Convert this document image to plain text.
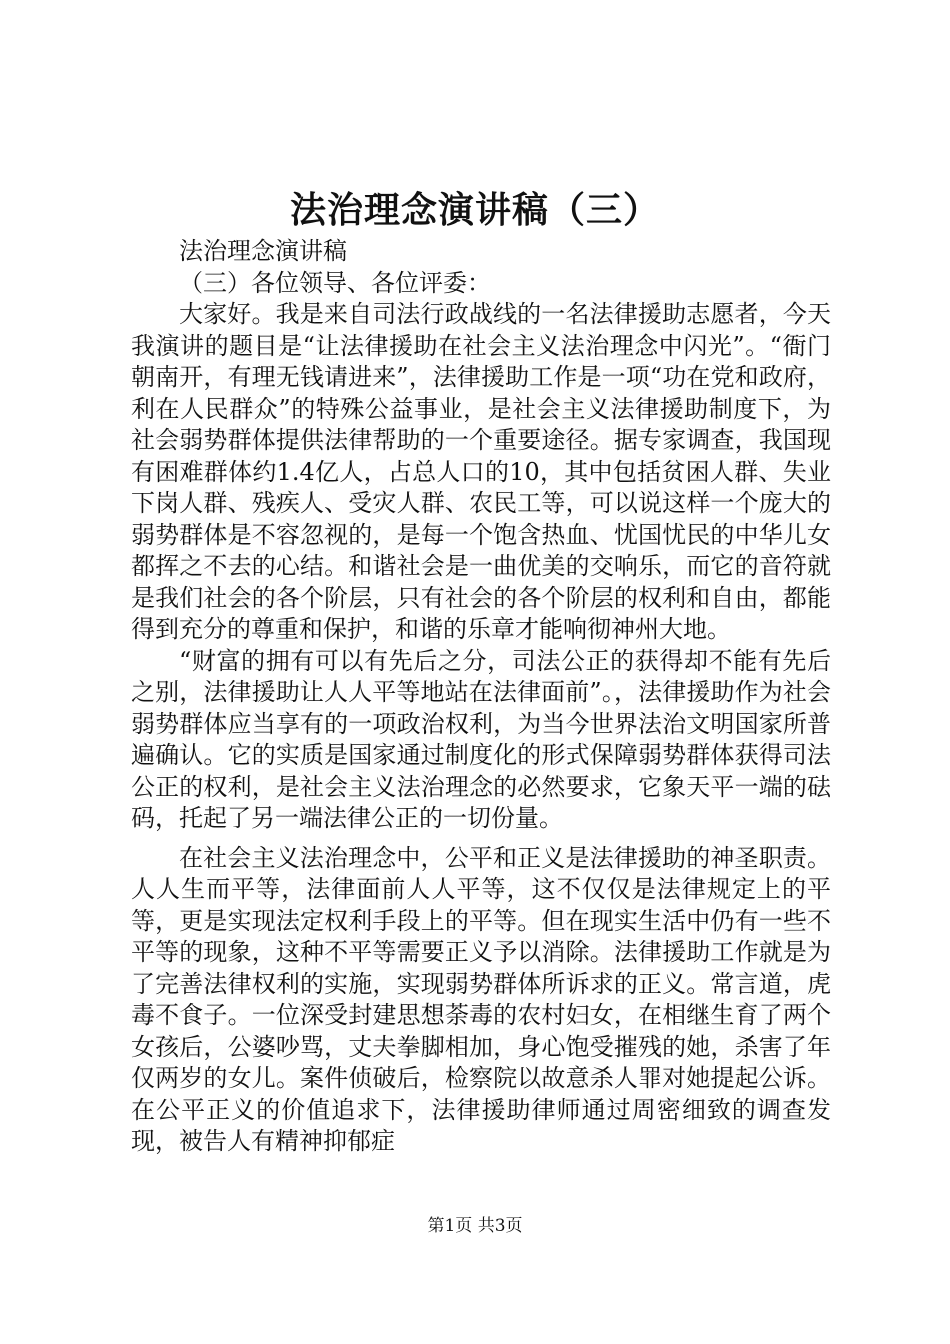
法治理念演讲稿（三）

法治理念演讲稿

（三）各位领导、各位评委：

大家好。我是来自司法行政战线的一名法律援助志愿者，今天我演讲的题目是“让法律援助在社会主义法治理念中闪光”。“衙门朝南开，有理无钱请进来”，法律援助工作是一项“功在党和政府，利在人民群众”的特殊公益事业，是社会主义法律援助制度下，为社会弱势群体提供法律帮助的一个重要途径。据专家调查，我国现有困难群体约1.4亿人，占总人口的10，其中包括贫困人群、失业下岗人群、残疾人、受灾人群、农民工等，可以说这样一个庞大的弱势群体是不容忽视的，是每一个饱含热血、忧国忧民的中华儿女都挥之不去的心结。和谐社会是一曲优美的交响乐，而它的音符就是我们社会的各个阶层，只有社会的各个阶层的权利和自由，都能得到充分的尊重和保护，和谐的乐章才能响彻神州大地。

“财富的拥有可以有先后之分，司法公正的获得却不能有先后之别，法律援助让人人平等地站在法律面前”。，法律援助作为社会弱势群体应当享有的一项政治权利，为当今世界法治文明国家所普遍确认。它的实质是国家通过制度化的形式保障弱势群体获得司法公正的权利，是社会主义法治理念的必然要求，它象天平一端的砝码，托起了另一端法律公正的一切份量。

在社会主义法治理念中，公平和正义是法律援助的神圣职责。人人生而平等，法律面前人人平等，这不仅仅是法律规定上的平等，更是实现法定权利手段上的平等。但在现实生活中仍有一些不平等的现象，这种不平等需要正义予以消除。法律援助工作就是为了完善法律权利的实施，实现弱势群体所诉求的正义。常言道，虎毒不食子。一位深受封建思想荼毒的农村妇女，在相继生育了两个女孩后，公婆吵骂，丈夫拳脚相加，身心饱受摧残的她，杀害了年仅两岁的女儿。案件侦破后，检察院以故意杀人罪对她提起公诉。在公平正义的价值追求下，法律援助律师通过周密细致的调查发现，被告人有精神抑郁症

第1页 共3页
